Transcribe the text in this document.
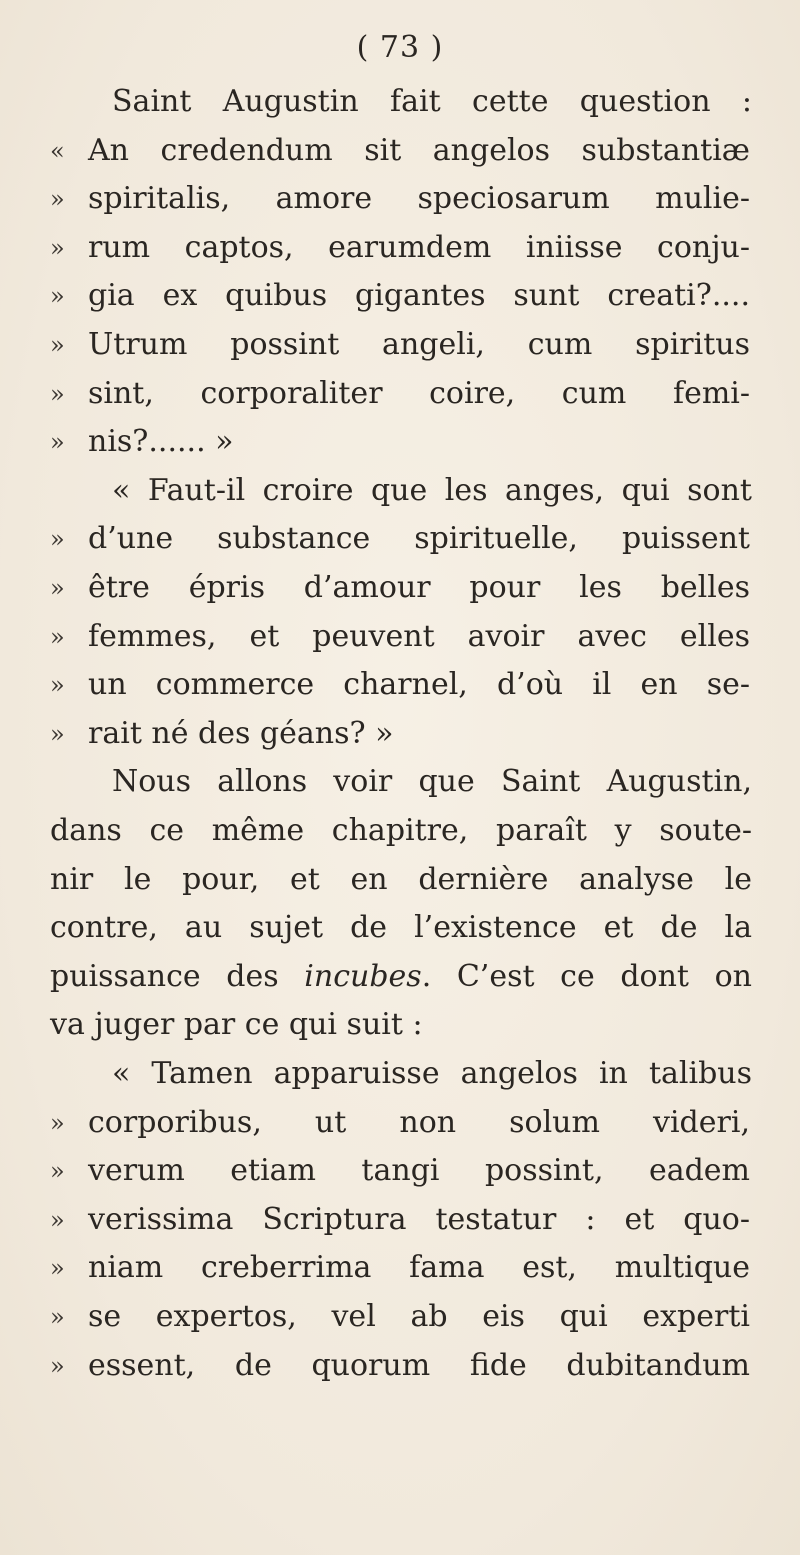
( 73 )
Saint Augustin fait cette question :
« An credendum sit angelos substantiæ
» spiritalis, amore speciosarum mulie-
» rum captos, earumdem iniisse conju-
» gia ex quibus gigantes sunt creati?....
» Utrum possint angeli, cum spiritus
» sint, corporaliter coire, cum femi-
» nis?...... »
« Faut-il croire que les anges, qui sont
» d’une substance spirituelle, puissent
» être épris d’amour pour les belles
» femmes, et peuvent avoir avec elles
» un commerce charnel, d’où il en se-
» rait né des géans? »
Nous allons voir que Saint Augustin,
dans ce même chapitre, paraît y soute-
nir le pour, et en dernière analyse le
contre, au sujet de l’existence et de la
puissance des incubes. C’est ce dont on
va juger par ce qui suit :
« Tamen apparuisse angelos in talibus
» corporibus, ut non solum videri,
» verum etiam tangi possint, eadem
» verissima Scriptura testatur : et quo-
» niam creberrima fama est, multique
» se expertos, vel ab eis qui experti
» essent, de quorum fide dubitandum
